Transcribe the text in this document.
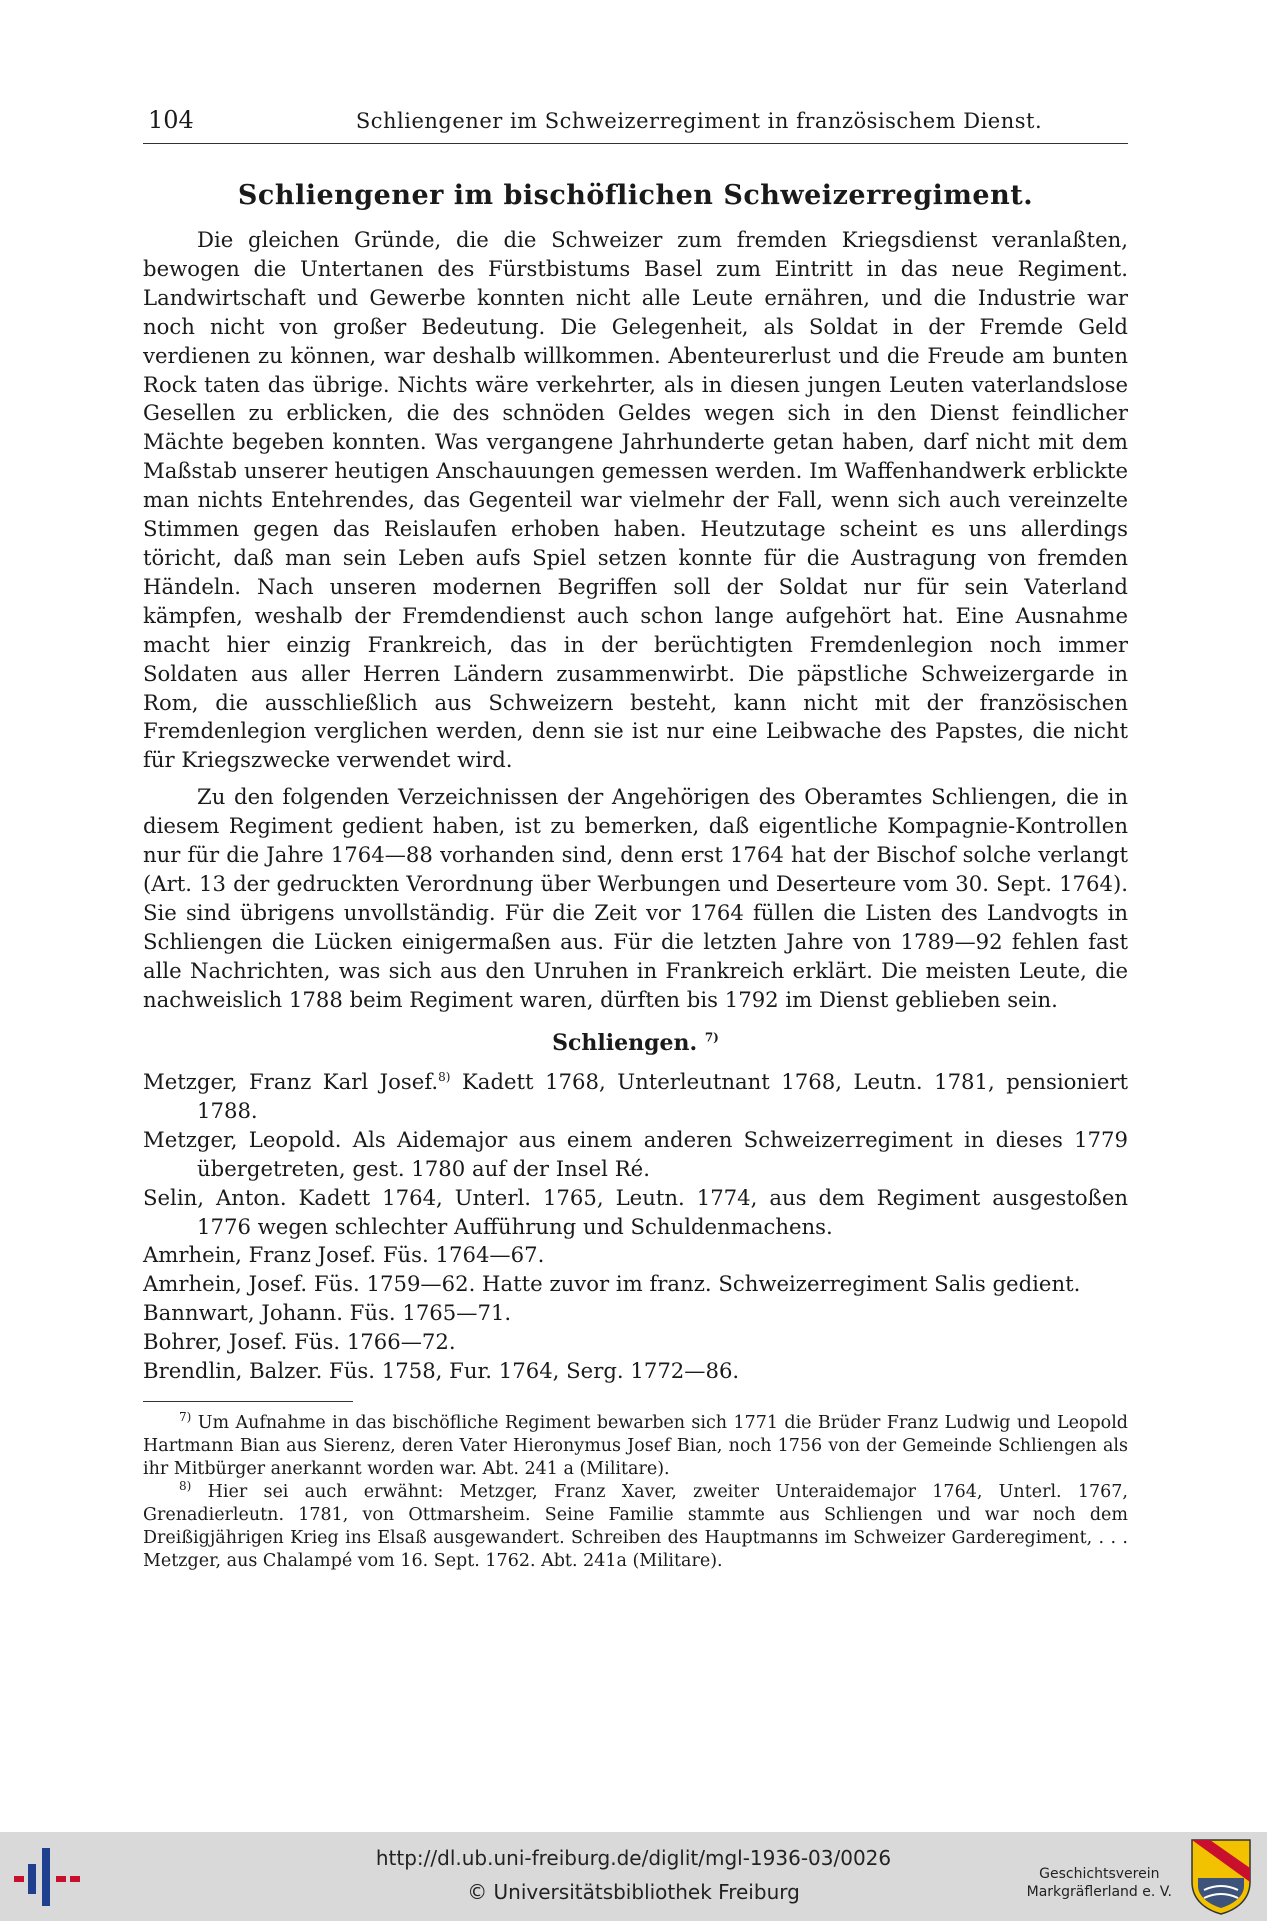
104	Schliengener im Schweizerregiment in französischem Dienst.
Schliengener im bischöflichen Schweizerregiment.

Die gleichen Gründe, die die Schweizer zum fremden Kriegsdienst veranlaßten, bewogen die Untertanen des Fürstbistums Basel zum Eintritt in das neue Regiment. Landwirtschaft und Gewerbe konnten nicht alle Leute ernähren, und die Industrie war noch nicht von großer Bedeutung. Die Gelegenheit, als Soldat in der Fremde Geld verdienen zu können, war deshalb willkommen. Abenteurerlust und die Freude am bunten Rock taten das übrige. Nichts wäre verkehrter, als in diesen jungen Leuten vaterlandslose Gesellen zu erblicken, die des schnöden Geldes wegen sich in den Dienst feindlicher Mächte begeben konnten. Was vergangene Jahrhunderte getan haben, darf nicht mit dem Maßstab unserer heutigen Anschauungen gemessen werden. Im Waffenhandwerk erblickte man nichts Entehrendes, das Gegenteil war vielmehr der Fall, wenn sich auch vereinzelte Stimmen gegen das Reislaufen erhoben haben. Heutzutage scheint es uns allerdings töricht, daß man sein Leben aufs Spiel setzen konnte für die Austragung von fremden Händeln. Nach unseren modernen Begriffen soll der Soldat nur für sein Vaterland kämpfen, weshalb der Fremdendienst auch schon lange aufgehört hat. Eine Ausnahme macht hier einzig Frankreich, das in der berüchtigten Fremdenlegion noch immer Soldaten aus aller Herren Ländern zusammenwirbt. Die päpstliche Schweizergarde in Rom, die ausschließlich aus Schweizern besteht, kann nicht mit der französischen Fremdenlegion verglichen werden, denn sie ist nur eine Leibwache des Papstes, die nicht für Kriegszwecke verwendet wird.

Zu den folgenden Verzeichnissen der Angehörigen des Oberamtes Schliengen, die in diesem Regiment gedient haben, ist zu bemerken, daß eigentliche Kompagnie-Kontrollen nur für die Jahre 1764—88 vorhanden sind, denn erst 1764 hat der Bischof solche verlangt (Art. 13 der gedruckten Verordnung über Werbungen und Deserteure vom 30. Sept. 1764). Sie sind übrigens unvollständig. Für die Zeit vor 1764 füllen die Listen des Landvogts in Schliengen die Lücken einigermaßen aus. Für die letzten Jahre von 1789—92 fehlen fast alle Nachrichten, was sich aus den Unruhen in Frankreich erklärt. Die meisten Leute, die nachweislich 1788 beim Regiment waren, dürften bis 1792 im Dienst geblieben sein.

Schliengen. $^{7)}$
Metzger, Franz Karl Josef.$^{8)}$ Kadett 1768, Unterleutnant 1768, Leutn. 1781, pensioniert 1788.
Metzger, Leopold. Als Aidemajor aus einem anderen Schweizerregiment in dieses 1779 übergetreten, gest. 1780 auf der Insel Ré.
Selin, Anton. Kadett 1764, Unterl. 1765, Leutn. 1774, aus dem Regiment ausgestoßen 1776 wegen schlechter Aufführung und Schuldenmachens.
Amrhein, Franz Josef. Füs. 1764—67.
Amrhein, Josef. Füs. 1759—62. Hatte zuvor im franz. Schweizerregiment Salis gedient.
Bannwart, Johann. Füs. 1765—71.
Bohrer, Josef. Füs. 1766—72.
Brendlin, Balzer. Füs. 1758, Fur. 1764, Serg. 1772—86.

$^{7)}$ Um Aufnahme in das bischöfliche Regiment bewarben sich 1771 die Brüder Franz Ludwig und Leopold Hartmann Bian aus Sierenz, deren Vater Hieronymus Josef Bian, noch 1756 von der Gemeinde Schliengen als ihr Mitbürger anerkannt worden war. Abt. 241 a (Militare).

$^{8)}$ Hier sei auch erwähnt: Metzger, Franz Xaver, zweiter Unteraidemajor 1764, Unterl. 1767, Grenadierleutn. 1781, von Ottmarsheim. Seine Familie stammte aus Schliengen und war noch dem Dreißigjährigen Krieg ins Elsaß ausgewandert. Schreiben des Hauptmanns im Schweizer Garderegiment, . . . Metzger, aus Chalampé vom 16. Sept. 1762. Abt. 241a (Militare).

http://dl.ub.uni-freiburg.de/diglit/mgl-1936-03/0026
© Universitätsbibliothek Freiburg
Geschichtsverein
Markgräflerland e. V.
